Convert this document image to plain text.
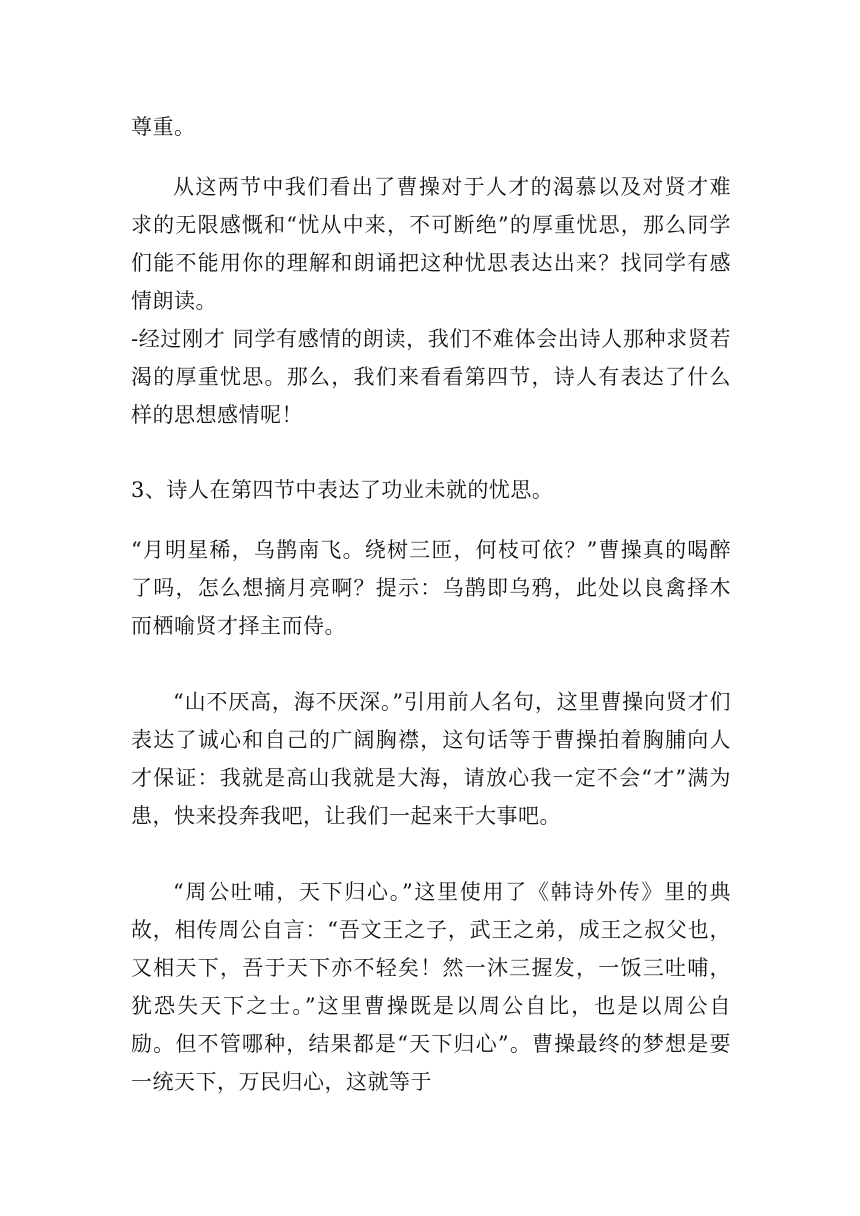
尊重。

从这两节中我们看出了曹操对于人才的渴慕以及对贤才难求的无限感慨和“忧从中来，不可断绝”的厚重忧思，那么同学们能不能用你的理解和朗诵把这种忧思表达出来？找同学有感情朗读。

-经过刚才 同学有感情的朗读，我们不难体会出诗人那种求贤若渴的厚重忧思。那么，我们来看看第四节，诗人有表达了什么样的思想感情呢！

3、诗人在第四节中表达了功业未就的忧思。

“月明星稀，乌鹊南飞。绕树三匝，何枝可依？”曹操真的喝醉了吗，怎么想摘月亮啊？提示：乌鹊即乌鸦，此处以良禽择木而栖喻贤才择主而侍。

“山不厌高，海不厌深。”引用前人名句，这里曹操向贤才们表达了诚心和自己的广阔胸襟，这句话等于曹操拍着胸脯向人才保证：我就是高山我就是大海，请放心我一定不会“才”满为患，快来投奔我吧，让我们一起来干大事吧。

“周公吐哺，天下归心。”这里使用了《韩诗外传》里的典故，相传周公自言：“吾文王之子，武王之弟，成王之叔父也，又相天下，吾于天下亦不轻矣！然一沐三握发，一饭三吐哺，犹恐失天下之士。”这里曹操既是以周公自比，也是以周公自励。但不管哪种，结果都是“天下归心”。曹操最终的梦想是要一统天下，万民归心，这就等于
